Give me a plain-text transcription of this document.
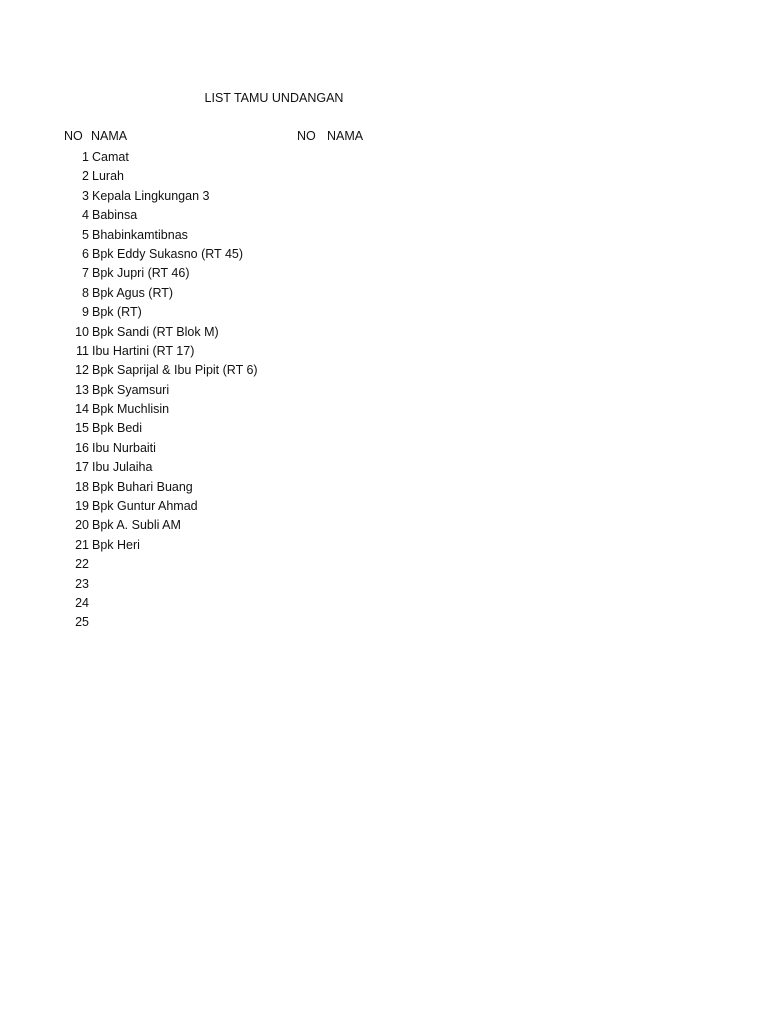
LIST TAMU UNDANGAN
NO NAMA	NO NAMA
1 Camat
2 Lurah
3 Kepala Lingkungan 3
4 Babinsa
5 Bhabinkamtibnas
6 Bpk Eddy Sukasno (RT 45)
7 Bpk Jupri (RT 46)
8 Bpk Agus (RT)
9 Bpk (RT)
10 Bpk Sandi (RT Blok M)
11 Ibu Hartini (RT 17)
12 Bpk Saprijal & Ibu Pipit (RT 6)
13 Bpk Syamsuri
14 Bpk Muchlisin
15 Bpk Bedi
16 Ibu Nurbaiti
17 Ibu Julaiha
18 Bpk Buhari Buang
19 Bpk Guntur Ahmad
20 Bpk A. Subli AM
21 Bpk Heri
22
23
24
25
